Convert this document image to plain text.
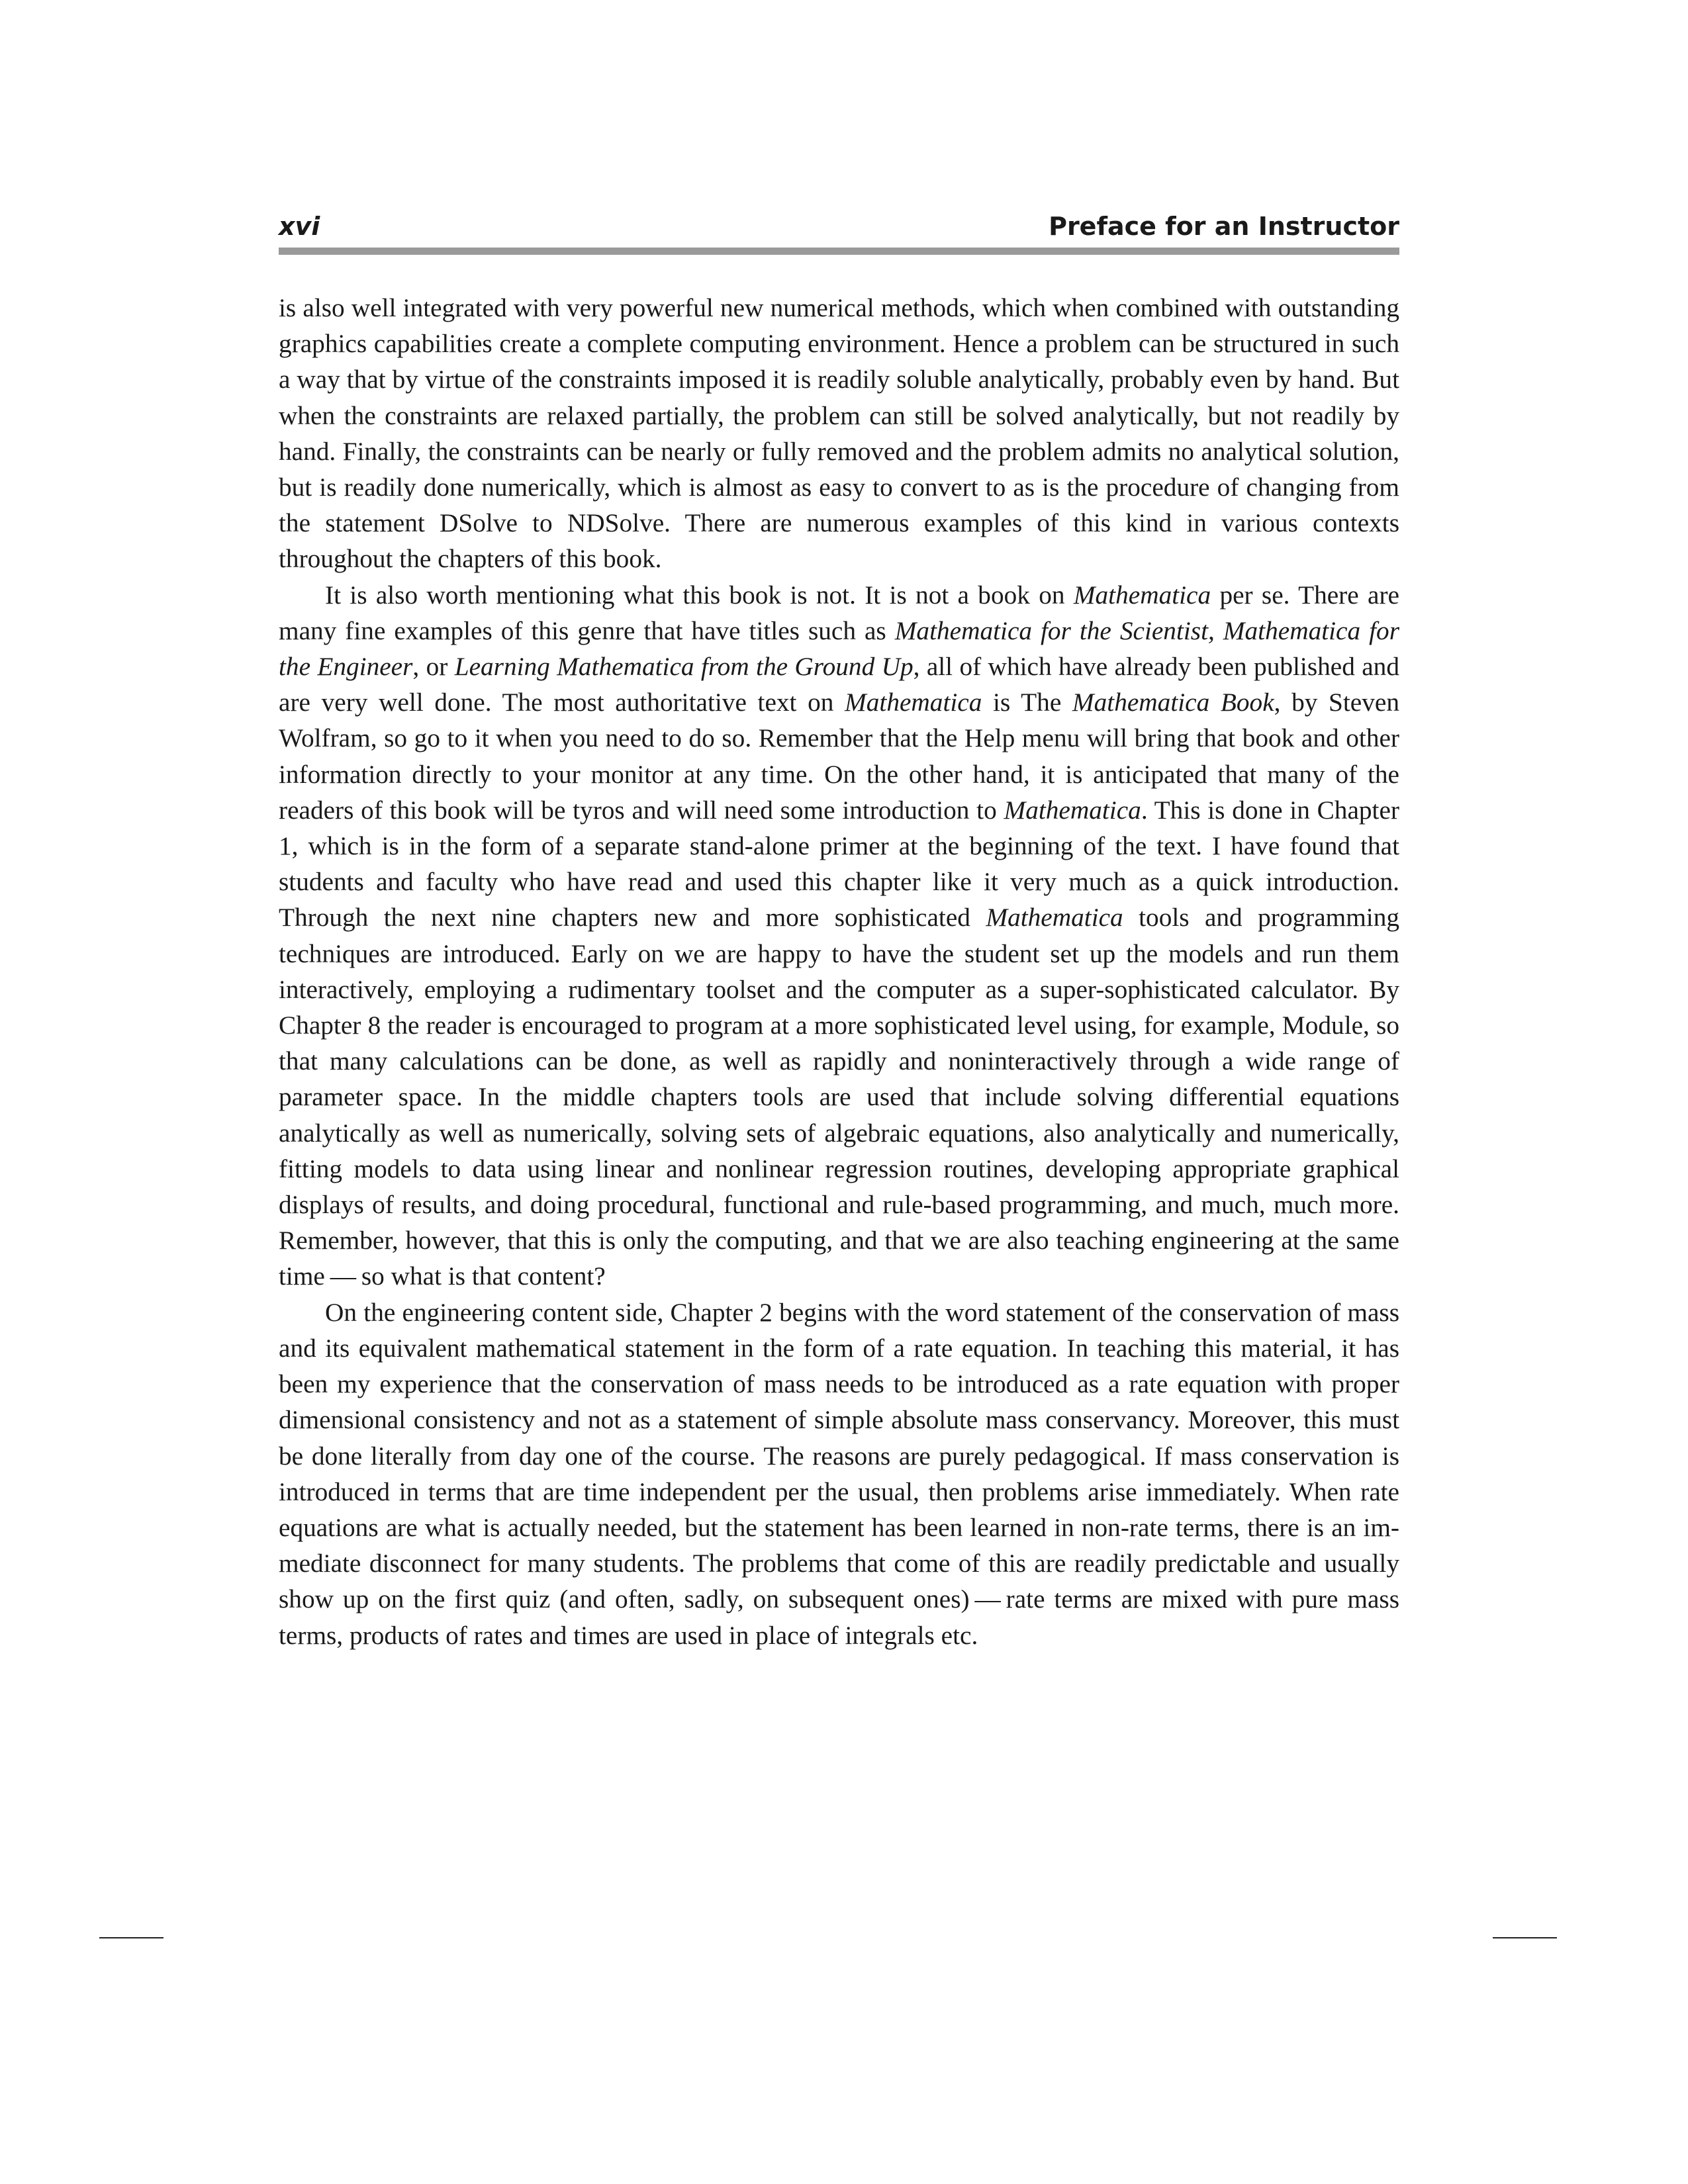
xvi	Preface for an Instructor

is also well integrated with very powerful new numerical methods, which when combined with outstanding graphics capabilities create a complete computing environment. Hence a problem can be structured in such a way that by virtue of the constraints imposed it is readily soluble analytically, probably even by hand. But when the constraints are relaxed partially, the problem can still be solved analytically, but not readily by hand. Finally, the constraints can be nearly or fully removed and the problem admits no analytical solution, but is readily done numerically, which is almost as easy to convert to as is the procedure of changing from the statement DSolve to NDSolve. There are numerous examples of this kind in various contexts throughout the chapters of this book.

It is also worth mentioning what this book is not. It is not a book on Mathematica per se. There are many fine examples of this genre that have titles such as Mathematica for the Scientist, Mathematica for the Engineer, or Learning Mathematica from the Ground Up, all of which have already been published and are very well done. The most authoritative text on Mathematica is The Mathematica Book, by Steven Wolfram, so go to it when you need to do so. Remember that the Help menu will bring that book and other information directly to your monitor at any time. On the other hand, it is anticipated that many of the readers of this book will be tyros and will need some introduction to Mathematica. This is done in Chapter 1, which is in the form of a separate stand-alone primer at the beginning of the text. I have found that students and faculty who have read and used this chapter like it very much as a quick introduction. Through the next nine chapters new and more sophisticated Mathematica tools and programming techniques are introduced. Early on we are happy to have the student set up the models and run them interactively, employing a rudimentary toolset and the computer as a super-sophisticated calculator. By Chapter 8 the reader is encouraged to program at a more sophisticated level using, for example, Module, so that many calculations can be done, as well as rapidly and noninteractively through a wide range of parameter space. In the middle chapters tools are used that include solving differential equations analytically as well as numerically, solving sets of algebraic equations, also analytically and numerically, fitting models to data using linear and nonlinear regression routines, developing appropriate graphical displays of results, and doing procedural, functional and rule-based programming, and much, much more. Remember, however, that this is only the computing, and that we are also teaching engineering at the same time — so what is that content?

On the engineering content side, Chapter 2 begins with the word statement of the conservation of mass and its equivalent mathematical statement in the form of a rate equation. In teaching this material, it has been my experience that the conservation of mass needs to be introduced as a rate equation with proper dimensional consistency and not as a statement of simple absolute mass conservancy. Moreover, this must be done literally from day one of the course. The reasons are purely pedagogical. If mass conservation is introduced in terms that are time independent per the usual, then problems arise immediately. When rate equations are what is actually needed, but the statement has been learned in non-rate terms, there is an immediate disconnect for many students. The problems that come of this are readily predictable and usually show up on the first quiz (and often, sadly, on subsequent ones) — rate terms are mixed with pure mass terms, products of rates and times are used in place of integrals etc.
